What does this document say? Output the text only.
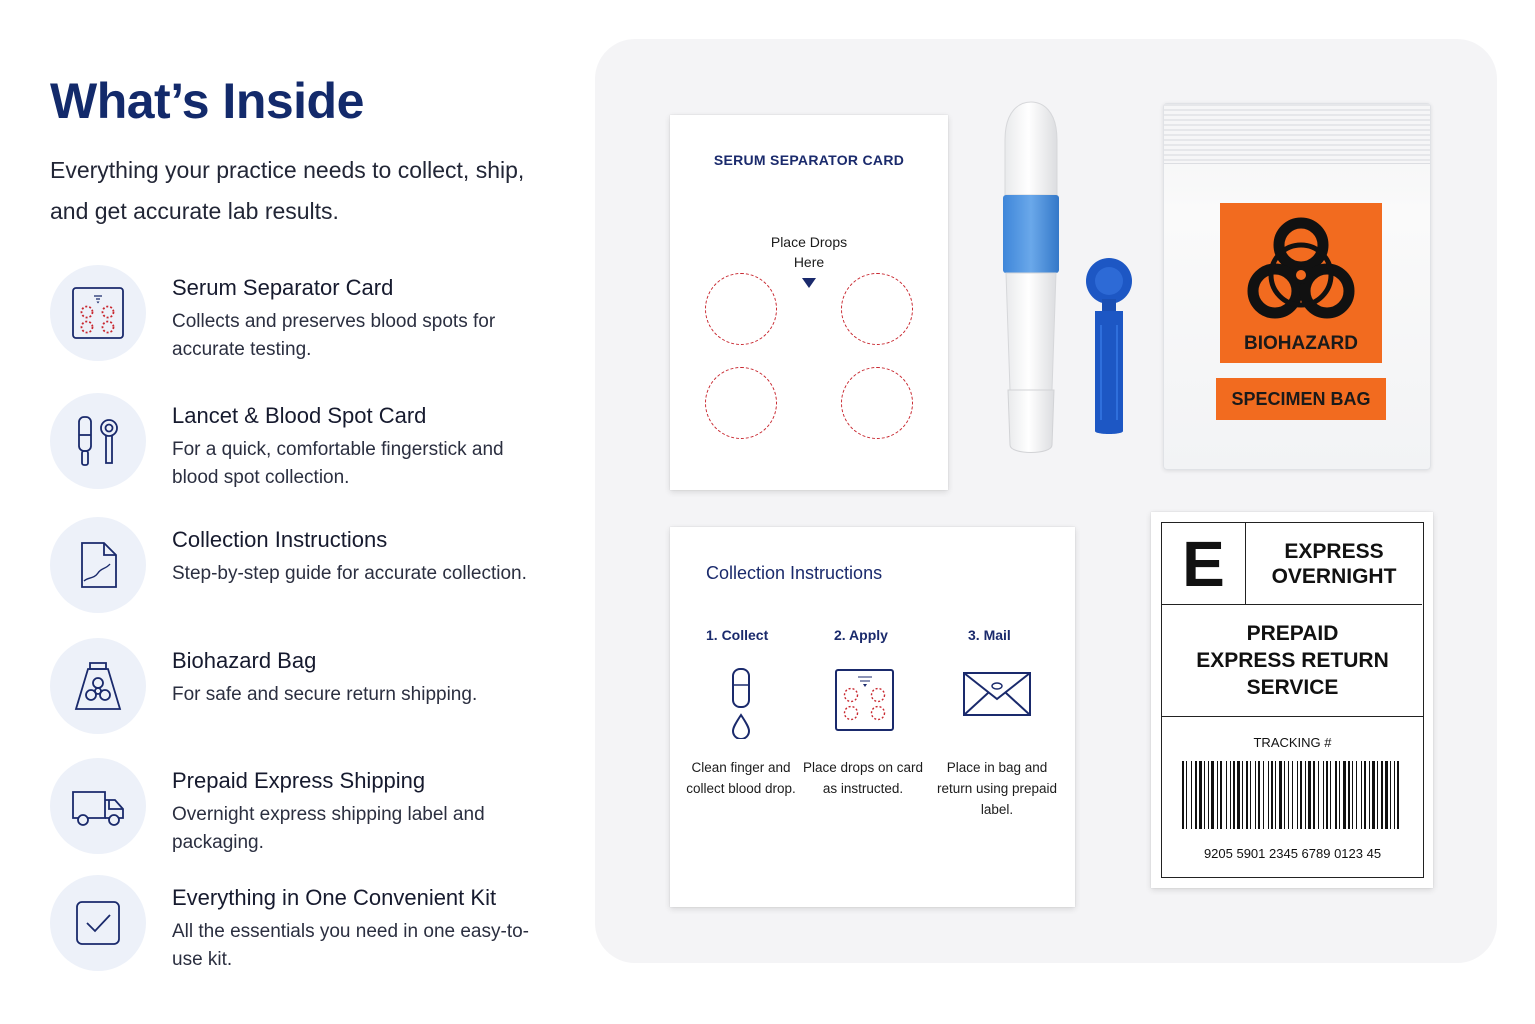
What’s Inside
Everything your practice needs to collect, ship, and get accurate lab results.
Serum Separator Card
Collects and preserves blood spots for accurate testing.
Lancet & Blood Spot Card
For a quick, comfortable fingerstick and blood spot collection.
Collection Instructions
Step-by-step guide for accurate collection.
Biohazard Bag
For safe and secure return shipping.
Prepaid Express Shipping
Overnight express shipping label and packaging.
Everything in One Convenient Kit
All the essentials you need in one easy-to-use kit.
SERUM SEPARATOR CARD
Place Drops
Here
BIOHAZARD
SPECIMEN BAG
Collection Instructions
1. Collect
Clean finger and collect blood drop.
2. Apply
Place drops on card as instructed.
3. Mail
Place in bag and return using prepaid label.
E	EXPRESS
OVERNIGHT
PREPAID
EXPRESS RETURN
SERVICE
TRACKING #
9205 5901 2345 6789 0123 45
